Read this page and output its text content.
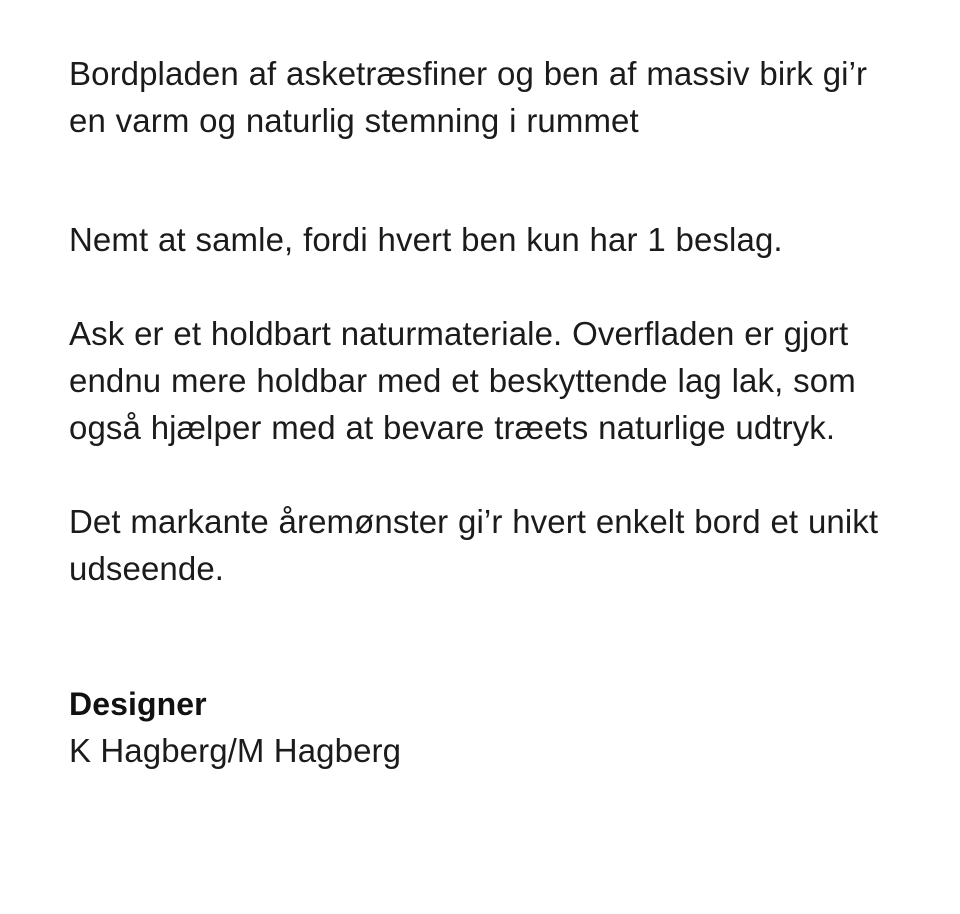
Bordpladen af asketræsfiner og ben af massiv birk gi’r en varm og naturlig stemning i rummet

Nemt at samle, fordi hvert ben kun har 1 beslag.

Ask er et holdbart naturmateriale. Overfladen er gjort endnu mere holdbar med et beskyttende lag lak, som også hjælper med at bevare træets naturlige udtryk.

Det markante åremønster gi’r hvert enkelt bord et unikt udseende.

Designer

K Hagberg/M Hagberg
